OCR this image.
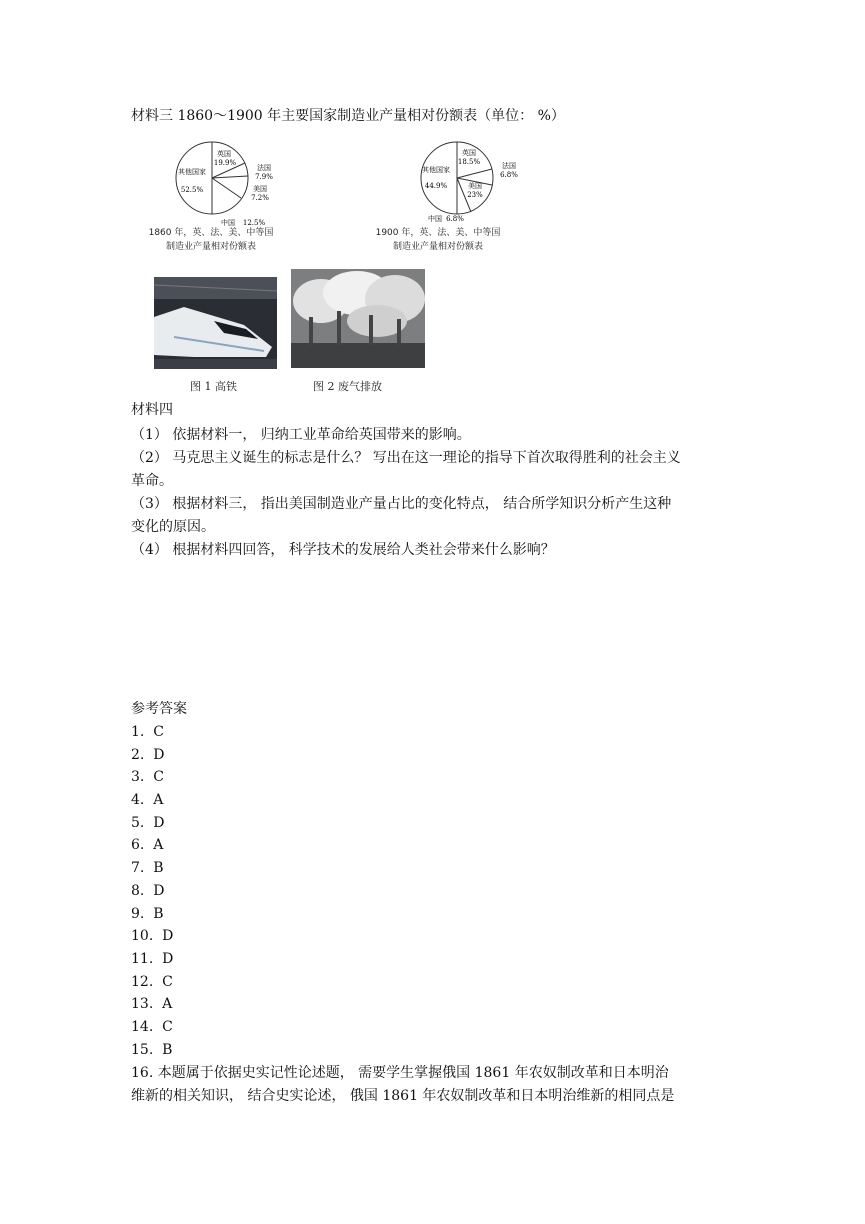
材料三 1860～1900 年主要国家制造业产量相对份额表（单位： %）
英国
19.9%
法国
7.9%
美国
7.2%
中国 12.5%
其他国家
52.5%
1860 年，英、法、美、中等国
制造业产量相对份额表
英国
18.5%	法国
6.8%
美国
23%
中国 6.8%
其他国家
44.9%
1900 年，英、法、美、中等国
制造业产量相对份额表
图 1 高铁	图 2 废气排放
材料四
（1） 依据材料一， 归纳工业革命给英国带来的影响。
（2） 马克思主义诞生的标志是什么？ 写出在这一理论的指导下首次取得胜利的社会主义
革命。
（3） 根据材料三， 指出美国制造业产量占比的变化特点， 结合所学知识分析产生这种
变化的原因。
（4） 根据材料四回答， 科学技术的发展给人类社会带来什么影响？
参考答案
1.  C
2.  D
3.  C
4.  A
5.  D
6.  A
7.  B
8.  D
9.  B
10.  D
11.  D
12.  C
13.  A
14.  C
15.  B
16. 本题属于依据史实记性论述题， 需要学生掌握俄国 1861 年农奴制改革和日本明治
维新的相关知识， 结合史实论述， 俄国 1861 年农奴制改革和日本明治维新的相同点是
